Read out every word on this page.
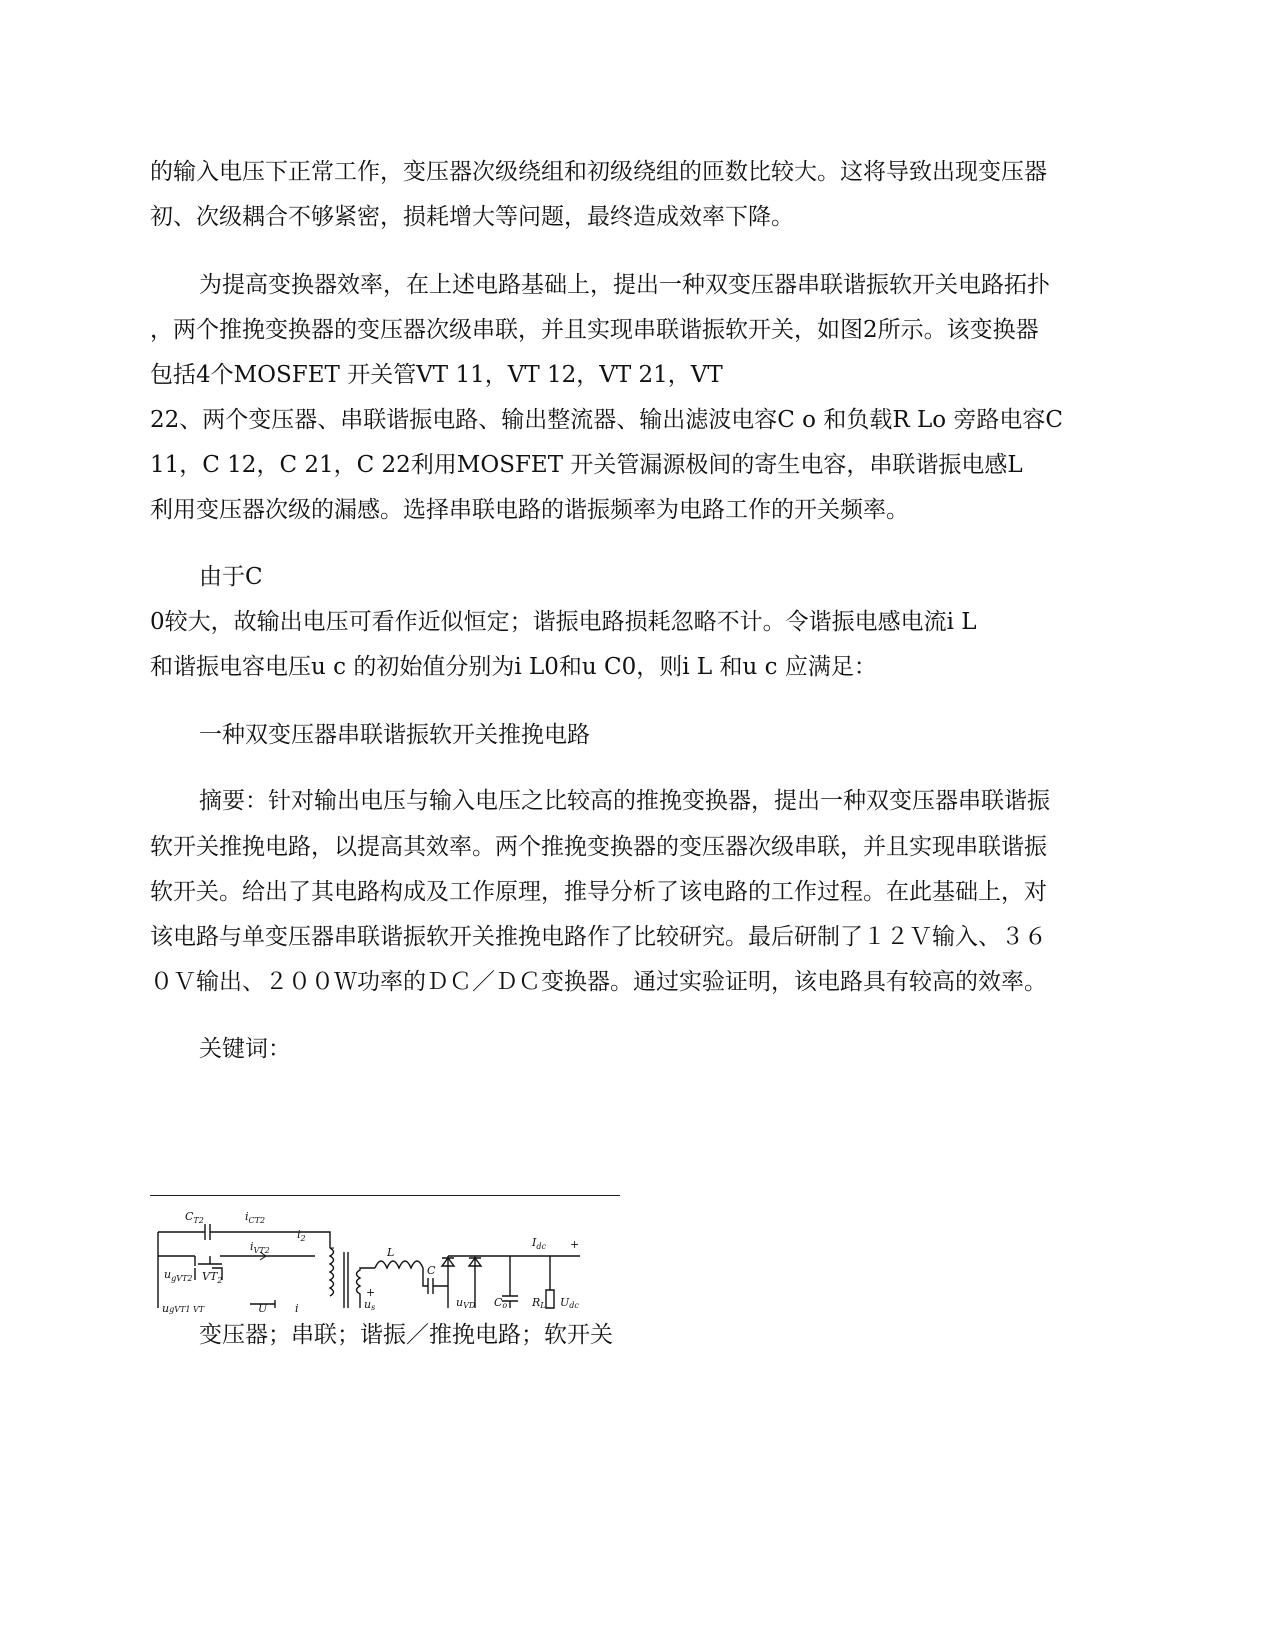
的输入电压下正常工作，变压器次级绕组和初级绕组的匝数比较大。这将导致出现变压器
初、次级耦合不够紧密，损耗增大等问题，最终造成效率下降。
为提高变换器效率，在上述电路基础上，提出一种双变压器串联谐振软开关电路拓扑
，两个推挽变换器的变压器次级串联，并且实现串联谐振软开关，如图2所示。该变换器
包括4个MOSFET 开关管VT 11，VT 12，VT 21，VT
22、两个变压器、串联谐振电路、输出整流器、输出滤波电容C o 和负载R Lo 旁路电容C
11，C 12，C 21，C 22利用MOSFET 开关管漏源极间的寄生电容，串联谐振电感L
利用变压器次级的漏感。选择串联电路的谐振频率为电路工作的开关频率。
由于C
0较大，故输出电压可看作近似恒定；谐振电路损耗忽略不计。令谐振电感电流i L
和谐振电容电压u c 的初始值分别为i L0和u C0，则i L 和u c 应满足：
一种双变压器串联谐振软开关推挽电路
摘要：针对输出电压与输入电压之比较高的推挽变换器，提出一种双变压器串联谐振
软开关推挽电路，以提高其效率。两个推挽变换器的变压器次级串联，并且实现串联谐振
软开关。给出了其电路构成及工作原理，推导分析了该电路的工作过程。在此基础上，对
该电路与单变压器串联谐振软开关推挽电路作了比较研究。最后研制了１２Ｖ输入、３６
０Ｖ输出、２００Ｗ功率的ＤＣ／ＤＣ变换器。通过实验证明，该电路具有较高的效率。
关键词：
$C_{T2}$	$i_{CT2}$
$i_2$
$i_{VT2}$
$u_{gVT2}$ $VT_2$
L
C
$I_{dc}$ +
+
us	uVD Co RL Udc
ugVT1 VT	U	i
变压器；串联；谐振／推挽电路；软开关
